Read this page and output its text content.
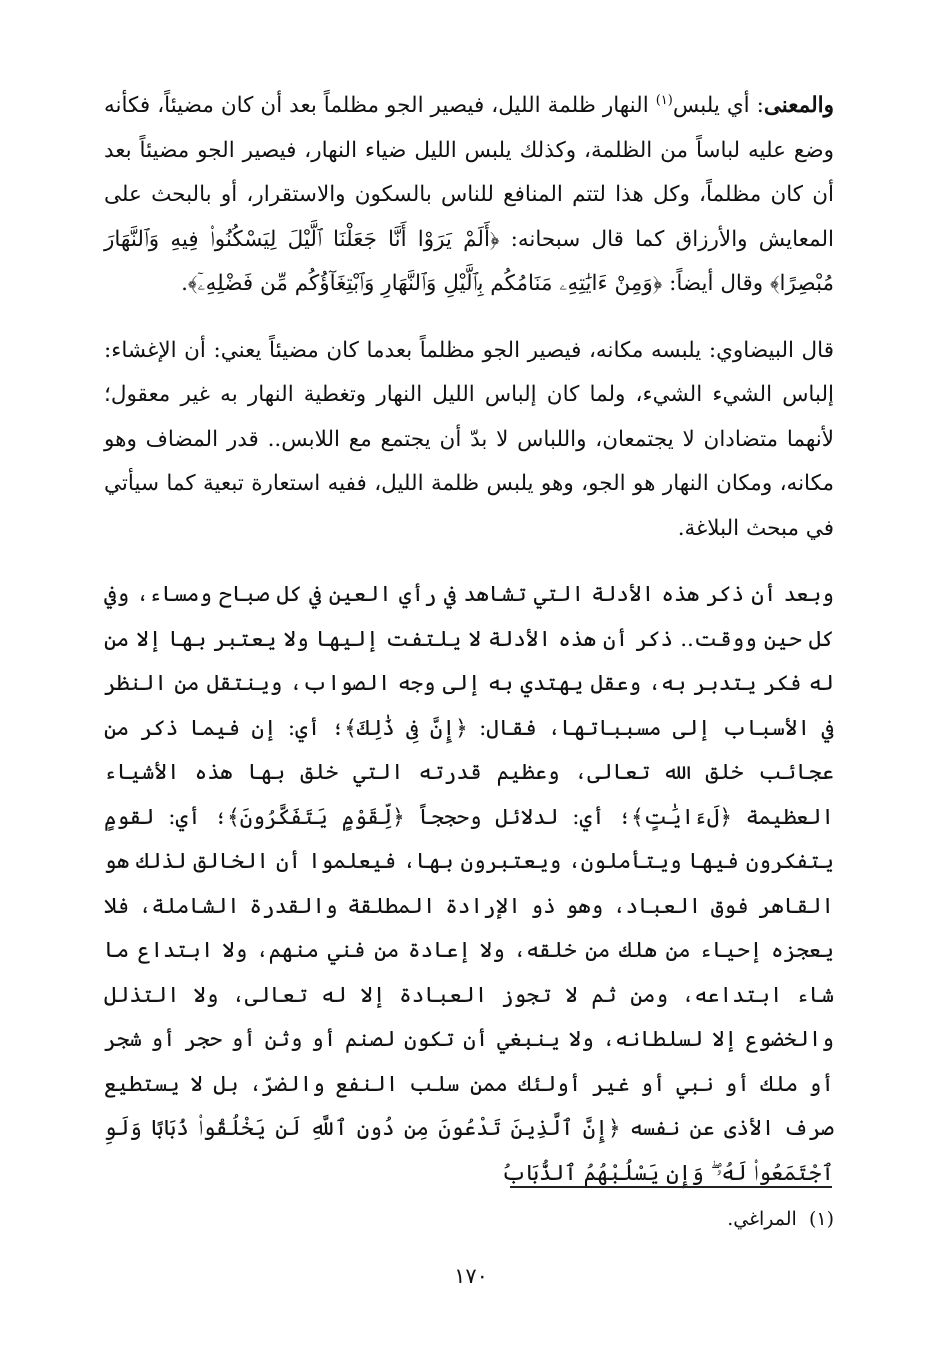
والمعنى: أي يلبس$^{(١)}$ النهار ظلمة الليل، فيصير الجو مظلماً بعد أن كان مضيئاً، فكأنه وضع عليه لباساً من الظلمة، وكذلك يلبس الليل ضياء النهار، فيصير الجو مضيئاً بعد أن كان مظلماً، وكل هذا لتتم المنافع للناس بالسكون والاستقرار، أو بالبحث على المعايش والأرزاق كما قال سبحانه: ﴿أَلَمْ يَرَوْا أَنَّا جَعَلْنَا ٱلَّيْلَ لِيَسْكُنُوا۟ فِيهِ وَٱلنَّهَارَ مُبْصِرًا﴾ وقال أيضاً: ﴿وَمِنْ ءَايَٰتِهِۦ مَنَامُكُم بِٱلَّيْلِ وَٱلنَّهَارِ وَٱبْتِغَآؤُكُم مِّن فَضْلِهِۦٓ﴾.

قال البيضاوي: يلبسه مكانه، فيصير الجو مظلماً بعدما كان مضيئاً يعني: أن الإغشاء: إلباس الشيء الشيء، ولما كان إلباس الليل النهار وتغطية النهار به غير معقول؛ لأنهما متضادان لا يجتمعان، واللباس لا بدّ أن يجتمع مع اللابس.. قدر المضاف وهو مكانه، ومكان النهار هو الجو، وهو يلبس ظلمة الليل، ففيه استعارة تبعية كما سيأتي في مبحث البلاغة.

وبعد أن ذكر هذه الأدلة التي تشاهد في رأي العين في كل صباح ومساء، وفي كل حين ووقت.. ذكر أن هذه الأدلة لا يلتفت إليها ولا يعتبر بها إلا من له فكر يتدبر به، وعقل يهتدي به إلى وجه الصواب، وينتقل من النظر في الأسباب إلى مسبباتها، فقال: ﴿إِنَّ فِى ذَٰلِكَ﴾؛ أي: إن فيما ذكر من عجائب خلق الله تعالى، وعظيم قدرته التي خلق بها هذه الأشياء العظيمة ﴿لَءَايَٰتٍ﴾؛ أي: لدلائل وحججاً ﴿لِّقَوْمٍ يَتَفَكَّرُونَ﴾؛ أي: لقومٍ يتفكرون فيها ويتأملون، ويعتبرون بها، فيعلموا أن الخالق لذلك هو القاهر فوق العباد، وهو ذو الإرادة المطلقة والقدرة الشاملة، فلا يعجزه إحياء من هلك من خلقه، ولا إعادة من فني منهم، ولا ابتداع ما شاء ابتداعه، ومن ثم لا تجوز العبادة إلا له تعالى، ولا التذلل والخضوع إلا لسلطانه، ولا ينبغي أن تكون لصنم أو وثن أو حجر أو شجر أو ملك أو نبي أو غير أولئك ممن سلب النفع والضرّ، بل لا يستطيع صرف الأذى عن نفسه ﴿إِنَّ ٱلَّذِينَ تَدْعُونَ مِن دُونِ ٱللَّهِ لَن يَخْلُقُوا۟ ذُبَابًا وَلَوِ ٱجْتَمَعُوا۟ لَهُۥ ۖ وَإِن يَسْلُبْهُمُ ٱلذُّبَابُ

(١)  المراغي.
١٧٠
